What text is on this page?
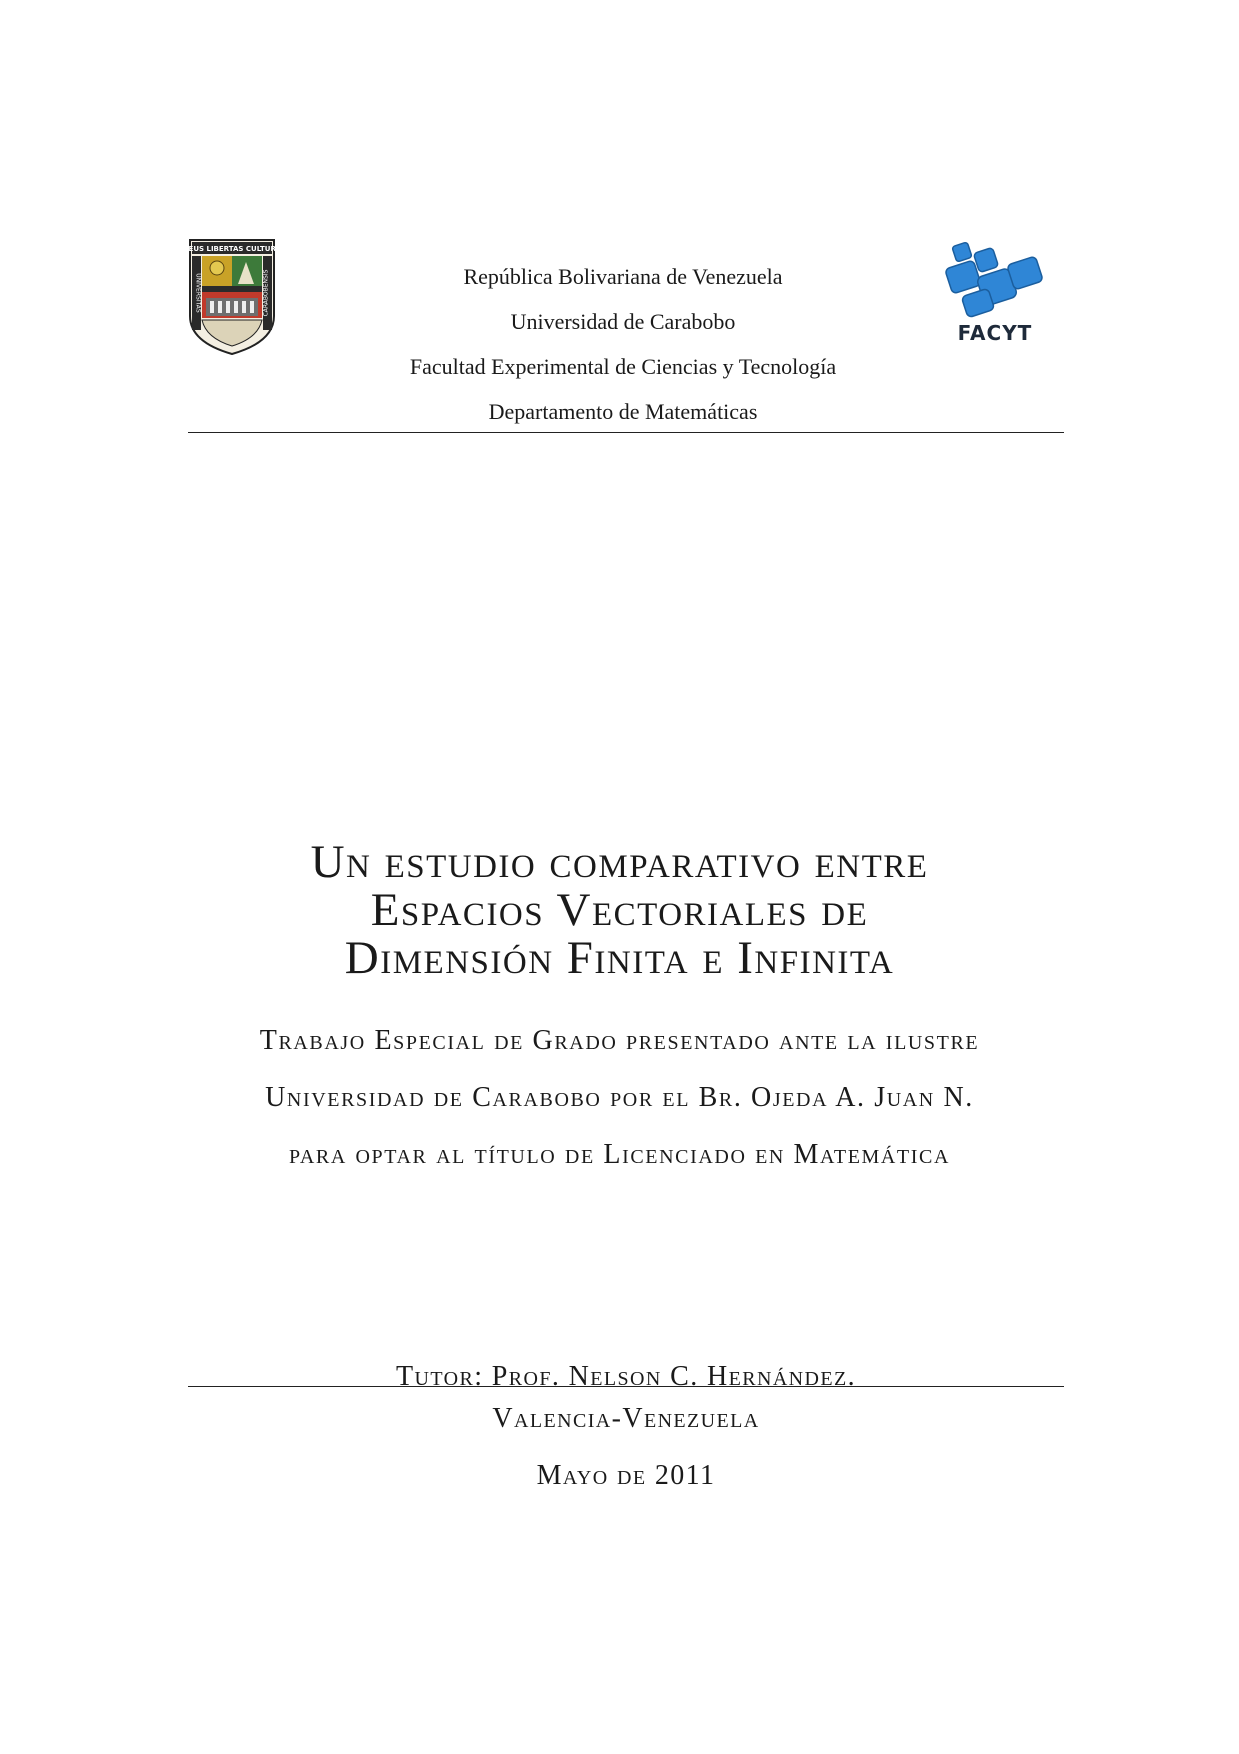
DEUS LIBERTAS CULTURA
UNIVERSITAS	CARABOBENSIS	República Bolivariana de Venezuela
Universidad de Carabobo
Facultad Experimental de Ciencias y Tecnología
Departamento de Matemáticas
FACYT
Un estudio comparativo entre
Espacios Vectoriales de
Dimensión Finita e Infinita
Trabajo Especial de Grado presentado ante la ilustre
Universidad de Carabobo por el Br. Ojeda A. Juan N.
para optar al título de Licenciado en Matemática
Tutor: Prof. Nelson C. Hernández.
Valencia-Venezuela
Mayo de 2011
